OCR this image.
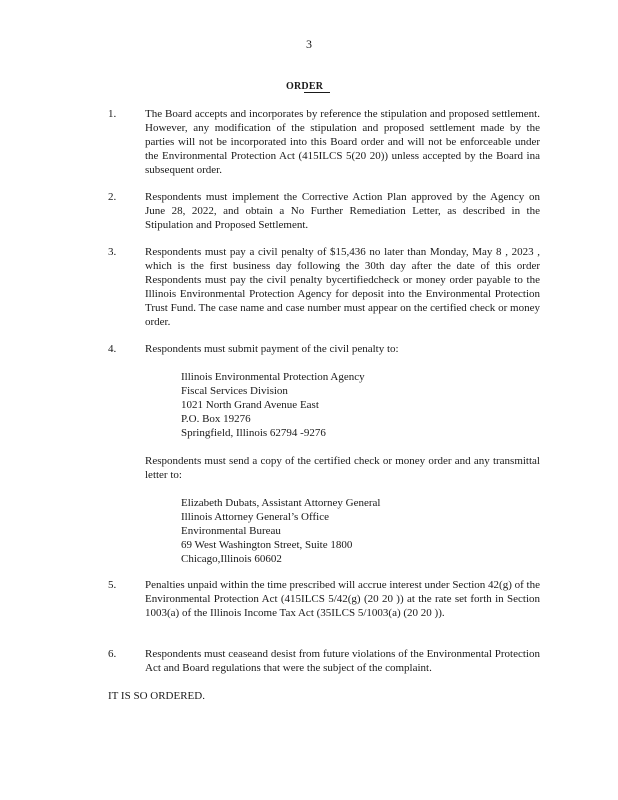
3
ORDER
1.	The Board accepts and incorporates by reference the stipulation and proposed settlement. However, any modification of the stipulation and proposed settlement made by the parties will not be incorporated into this Board order and will not be enforceable under the Environmental Protection Act (415ILCS 5(20 20)) unless accepted by the Board ina subsequent order.

2.	Respondents must implement the Corrective Action Plan approved by the Agency on June 28, 2022, and obtain a No Further Remediation Letter, as described in the Stipulation and Proposed Settlement.

3.	Respondents must pay a civil penalty of $15,436 no later than Monday, May 8 , 2023 , which is the first business day following the 30th day after the date of this order Respondents must pay the civil penalty bycertifiedcheck or money order payable to the Illinois Environmental Protection Agency for deposit into the Environmental Protection Trust Fund. The case name and case number must appear on the certified check or money order.

4.	Respondents must submit payment of the civil penalty to:

Illinois Environmental Protection Agency
Fiscal Services Division
1021 North Grand Avenue East
P.O. Box 19276
Springfield, Illinois 62794 -9276

Respondents must send a copy of the certified check or money order and any transmittal letter to:

Elizabeth Dubats, Assistant Attorney General
Illinois Attorney General’s Office
Environmental Bureau
69 West Washington Street, Suite 1800
Chicago,Illinois 60602
5.	Penalties unpaid within the time prescribed will accrue interest under Section 42(g) of the Environmental Protection Act (415ILCS 5/42(g) (20 20 )) at the rate set forth in Section 1003(a) of the Illinois Income Tax Act (35ILCS 5/1003(a) (20 20 )).

6.	Respondents must ceaseand desist from future violations of the Environmental Protection Act and Board regulations that were the subject of the complaint.

IT IS SO ORDERED.
